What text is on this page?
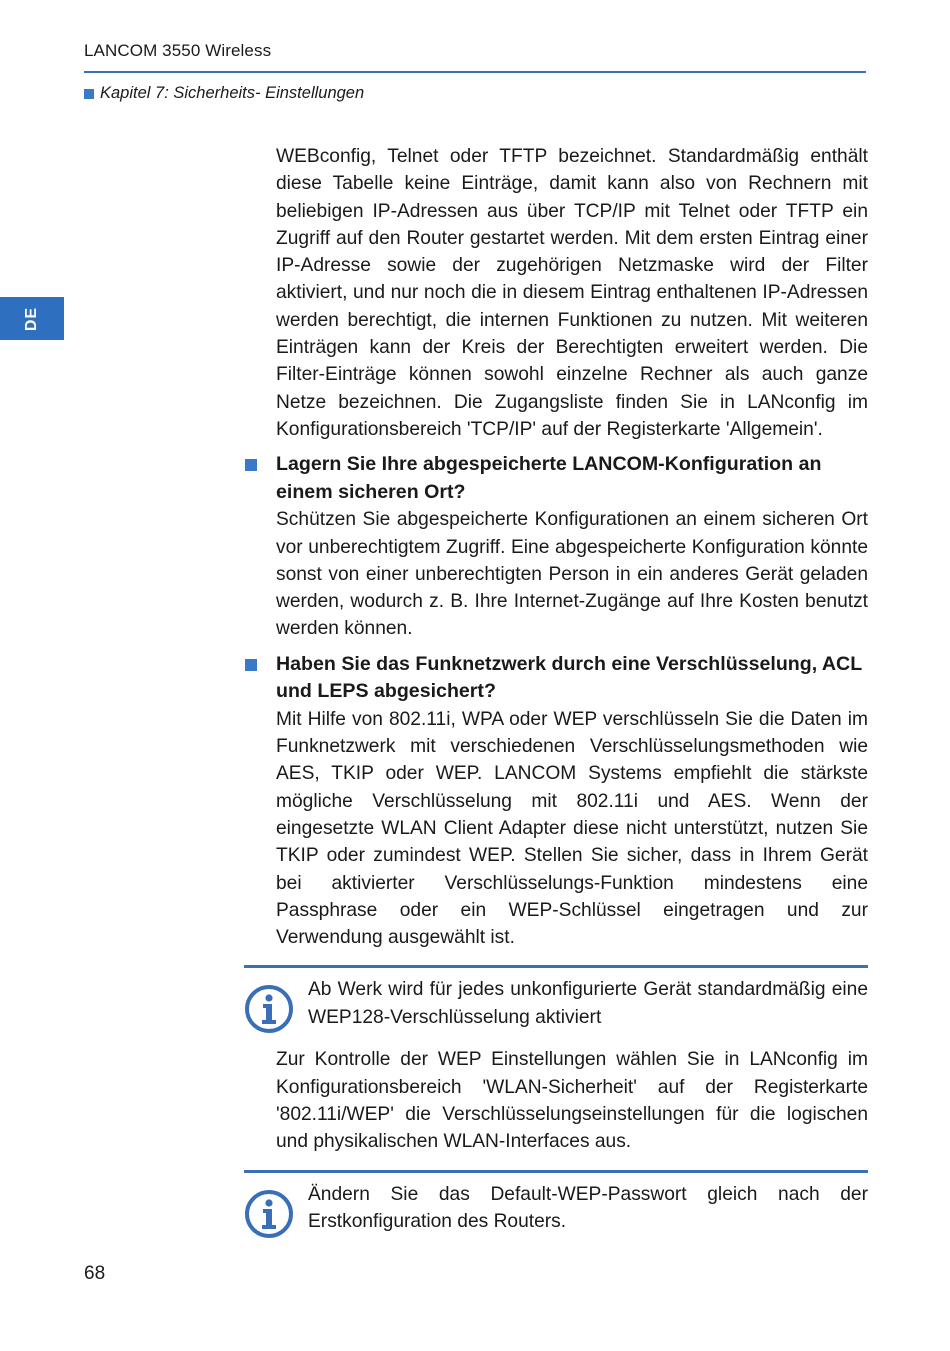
LANCOM 3550 Wireless
Kapitel 7: Sicherheits- Einstellungen
DE

WEBconfig, Telnet oder TFTP bezeichnet. Standardmäßig enthält diese Tabelle keine Einträge, damit kann also von Rechnern mit beliebigen IP-Adressen aus über TCP/IP mit Telnet oder TFTP ein Zugriff auf den Router gestartet werden. Mit dem ersten Eintrag einer IP-Adresse sowie der zugehörigen Netzmaske wird der Filter aktiviert, und nur noch die in diesem Eintrag enthaltenen IP-Adressen werden berechtigt, die internen Funktionen zu nutzen. Mit weiteren Einträgen kann der Kreis der Berechtigten erweitert werden. Die Filter-Einträge können sowohl einzelne Rechner als auch ganze Netze bezeichnen. Die Zugangsliste finden Sie in LANconfig im Konfigurationsbereich 'TCP/IP' auf der Registerkarte 'Allgemein'.

Lagern Sie Ihre abgespeicherte LANCOM-Konfiguration an einem sicheren Ort?

Schützen Sie abgespeicherte Konfigurationen an einem sicheren Ort vor unberechtigtem Zugriff. Eine abgespeicherte Konfiguration könnte sonst von einer unberechtigten Person in ein anderes Gerät geladen werden, wodurch z. B. Ihre Internet-Zugänge auf Ihre Kosten benutzt werden können.

Haben Sie das Funknetzwerk durch eine Verschlüsselung, ACL und LEPS abgesichert?

Mit Hilfe von 802.11i, WPA oder WEP verschlüsseln Sie die Daten im Funknetzwerk mit verschiedenen Verschlüsselungsmethoden wie AES, TKIP oder WEP. LANCOM Systems empfiehlt die stärkste mögliche Verschlüsselung mit 802.11i und AES. Wenn der eingesetzte WLAN Client Adapter diese nicht unterstützt, nutzen Sie TKIP oder zumindest WEP. Stellen Sie sicher, dass in Ihrem Gerät bei aktivierter Verschlüsselungs-Funktion mindestens eine Passphrase oder ein WEP-Schlüssel eingetragen und zur Verwendung ausgewählt ist.

Ab Werk wird für jedes unkonfigurierte Gerät standardmäßig eine WEP128-Verschlüsselung aktiviert

Zur Kontrolle der WEP Einstellungen wählen Sie in LANconfig im Konfigurationsbereich 'WLAN-Sicherheit' auf der Registerkarte '802.11i/WEP' die Verschlüsselungseinstellungen für die logischen und physikalischen WLAN-Interfaces aus.

Ändern Sie das Default-WEP-Passwort gleich nach der Erstkonfiguration des Routers.

68
